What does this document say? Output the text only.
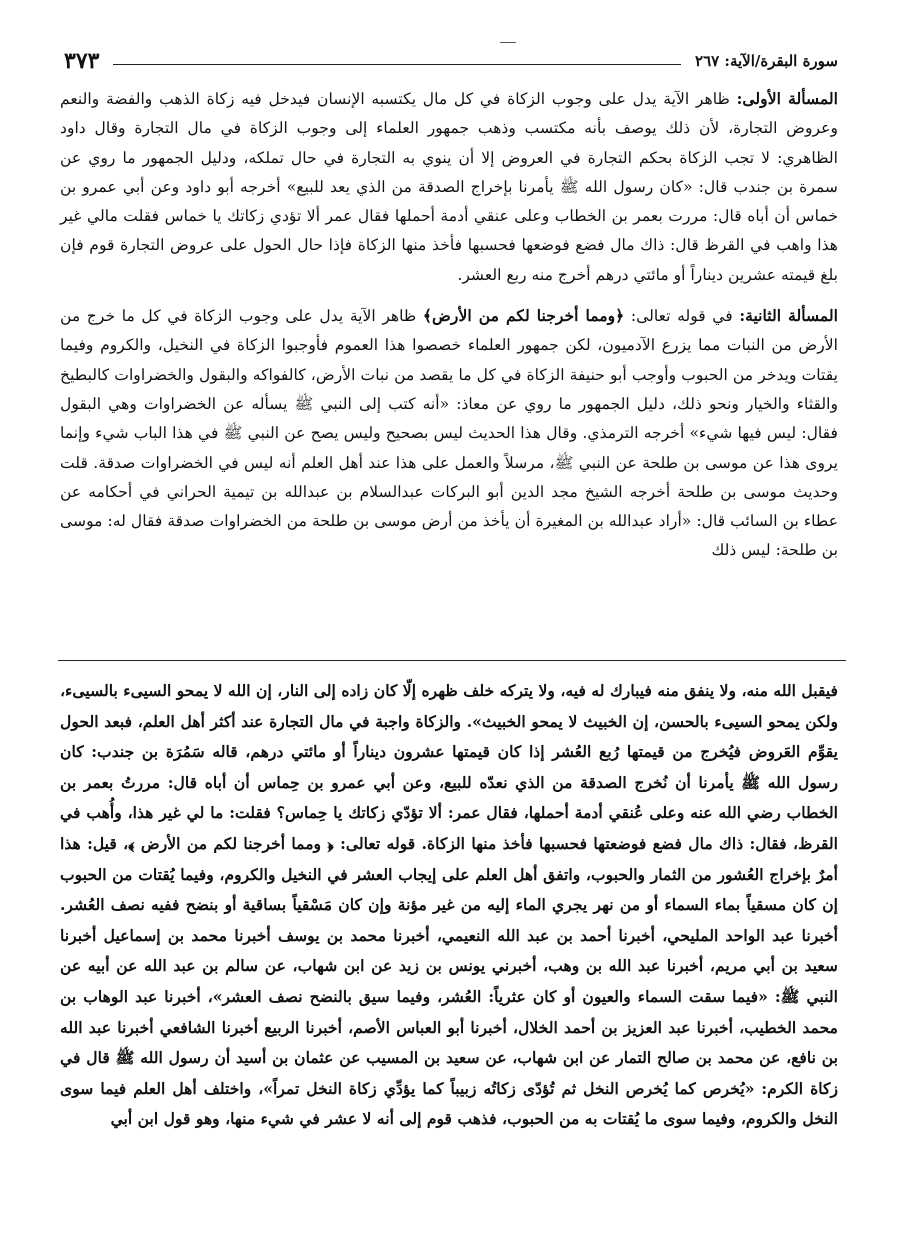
سورة البقرة/الآية: ٢٦٧
٣٧٣

المسألة الأولى: ظاهر الآية يدل على وجوب الزكاة في كل مال يكتسبه الإنسان فيدخل فيه زكاة الذهب والفضة والنعم وعروض التجارة، لأن ذلك يوصف بأنه مكتسب وذهب جمهور العلماء إلى وجوب الزكاة في مال التجارة وقال داود الظاهري: لا تجب الزكاة بحكم التجارة في العروض إلا أن ينوي به التجارة في حال تملكه، ودليل الجمهور ما روي عن سمرة بن جندب قال: «كان رسول الله ﷺ يأمرنا بإخراج الصدقة من الذي يعد للبيع» أخرجه أبو داود وعن أبي عمرو بن خماس أن أباه قال: مررت بعمر بن الخطاب وعلى عنقي أدمة أحملها فقال عمر ألا تؤدي زكاتك يا خماس فقلت مالي غير هذا واهب في القرظ قال: ذاك مال فضع فوضعها فحسبها فأخذ منها الزكاة فإذا حال الحول على عروض التجارة قوم فإن بلغ قيمته عشرين ديناراً أو مائتي درهم أخرج منه ربع العشر.

المسألة الثانية: في قوله تعالى: ﴿ومما أخرجنا لكم من الأرض﴾ ظاهر الآية يدل على وجوب الزكاة في كل ما خرج من الأرض من النبات مما يزرع الآدميون، لكن جمهور العلماء خصصوا هذا العموم فأوجبوا الزكاة في النخيل، والكروم وفيما يقتات ويدخر من الحبوب وأوجب أبو حنيفة الزكاة في كل ما يقصد من نبات الأرض، كالفواكه والبقول والخضراوات كالبطيخ والقثاء والخيار ونحو ذلك، دليل الجمهور ما روي عن معاذ: «أنه كتب إلى النبي ﷺ يسأله عن الخضراوات وهي البقول فقال: ليس فيها شيء» أخرجه الترمذي. وقال هذا الحديث ليس بصحيح وليس يصح عن النبي ﷺ في هذا الباب شيء وإنما يروى هذا عن موسى بن طلحة عن النبي ﷺ، مرسلاً والعمل على هذا عند أهل العلم أنه ليس في الخضراوات صدقة. قلت وحديث موسى بن طلحة أخرجه الشيخ مجد الدين أبو البركات عبدالسلام بن عبدالله بن تيمية الحراني في أحكامه عن عطاء بن السائب قال: «أراد عبدالله بن المغيرة أن يأخذ من أرض موسى بن طلحة من الخضراوات صدقة فقال له: موسى بن طلحة: ليس ذلك

فيقبل الله منه، ولا ينفق منه فيبارك له فيه، ولا يتركه خلف ظهره إلّا كان زاده إلى النار، إن الله لا يمحو السيىء بالسيىء، ولكن يمحو السيىء بالحسن، إن الخبيث لا يمحو الخبيث». والزكاة واجبة في مال التجارة عند أكثر أهل العلم، فبعد الحول يقوِّم العَروض فيُخرج من قيمتها رُبع العُشر إذا كان قيمتها عشرون ديناراً أو مائتي درهم، قاله سَمُرَة بن جندب: كان رسول الله ﷺ يأمرنا أن نُخرج الصدقة من الذي نعدّه للبيع، وعن أبي عمرو بن حِماس أن أباه قال: مررتُ بعمر بن الخطاب رضي الله عنه وعلى عُنقي أدمة أحملها، فقال عمر: ألا تؤدّي زكاتك يا حِماس؟ فقلت: ما لي غير هذا، وأُهب في القرظ، فقال: ذاك مال فضع فوضعتها فحسبها فأخذ منها الزكاة. قوله تعالى: ﴿ ومما أخرجنا لكم من الأرض ﴾، قيل: هذا أمرٌ بإخراج العُشور من الثمار والحبوب، واتفق أهل العلم على إيجاب العشر في النخيل والكروم، وفيما يُقتات من الحبوب إن كان مسقياً بماء السماء أو من نهر يجري الماء إليه من غير مؤنة وإن كان مَسْقياً بساقية أو بنضح ففيه نصف العُشر. أخبرنا عبد الواحد المليحي، أخبرنا أحمد بن عبد الله النعيمي، أخبرنا محمد بن يوسف أخبرنا محمد بن إسماعيل أخبرنا سعيد بن أبي مريم، أخبرنا عبد الله بن وهب، أخبرني يونس بن زيد عن ابن شهاب، عن سالم بن عبد الله عن أبيه عن النبي ﷺ: «فيما سقت السماء والعيون أو كان عثرياً: العُشر، وفيما سيق بالنضح نصف العشر»، أخبرنا عبد الوهاب بن محمد الخطيب، أخبرنا عبد العزيز بن أحمد الخلال، أخبرنا أبو العباس الأصم، أخبرنا الربيع أخبرنا الشافعي أخبرنا عبد الله بن نافع، عن محمد بن صالح التمار عن ابن شهاب، عن سعيد بن المسيب عن عثمان بن أسيد أن رسول الله ﷺ قال في زكاة الكرم: «يُخرص كما يُخرص النخل ثم تُؤدّى زكاتُه زبيباً كما يؤدِّي زكاة النخل تمراً»، واختلف أهل العلم فيما سوى النخل والكروم، وفيما سوى ما يُقتات به من الحبوب، فذهب قوم إلى أنه لا عشر في شيء منها، وهو قول ابن أبي
